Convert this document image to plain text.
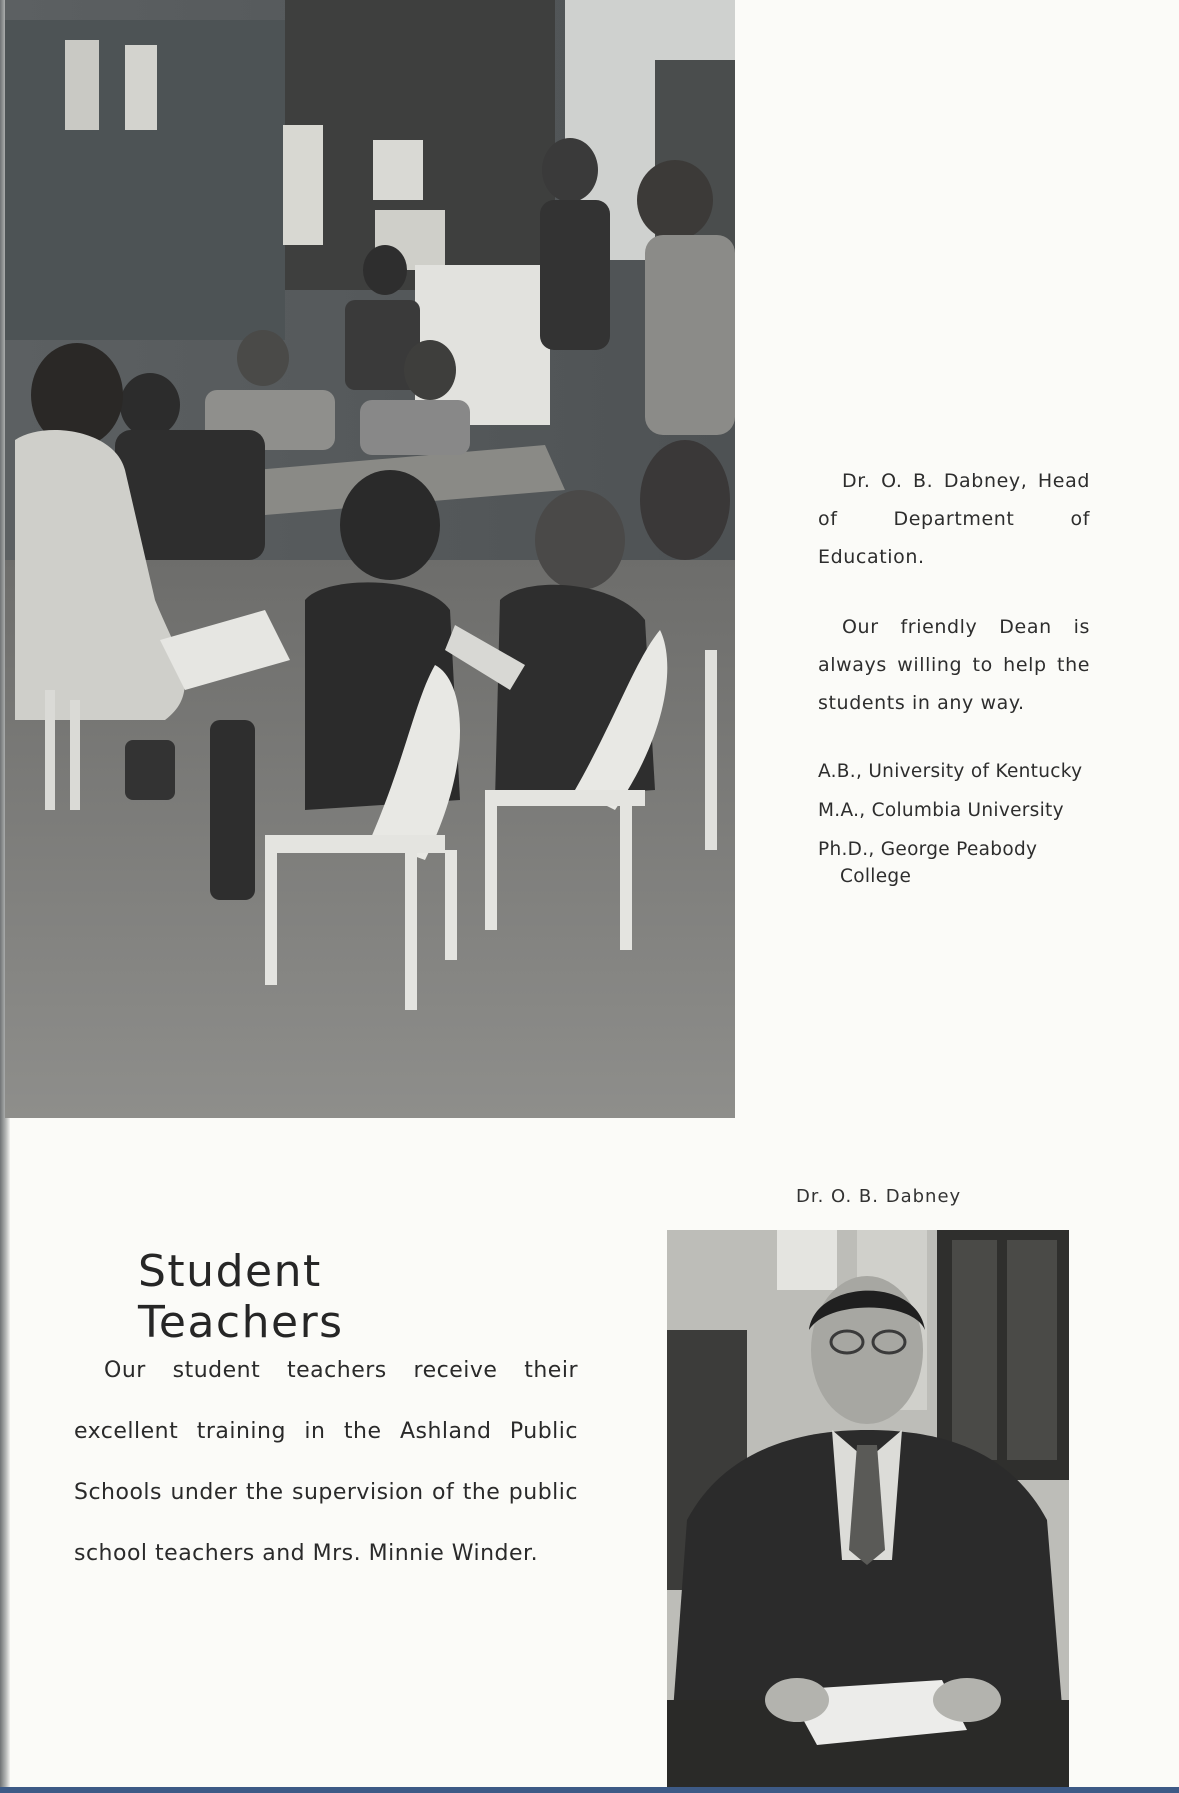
Dr. O. B. Dabney, Head of Department of Education.

Our friendly Dean is always willing to help the students in any way.

A.B., University of Kentucky
M.A., Columbia University
Ph.D., George Peabody
College
Dr. O. B. Dabney
Student Teachers

Our student teachers receive their excellent training in the Ashland Public Schools under the supervision of the public school teachers and Mrs. Minnie Winder.
